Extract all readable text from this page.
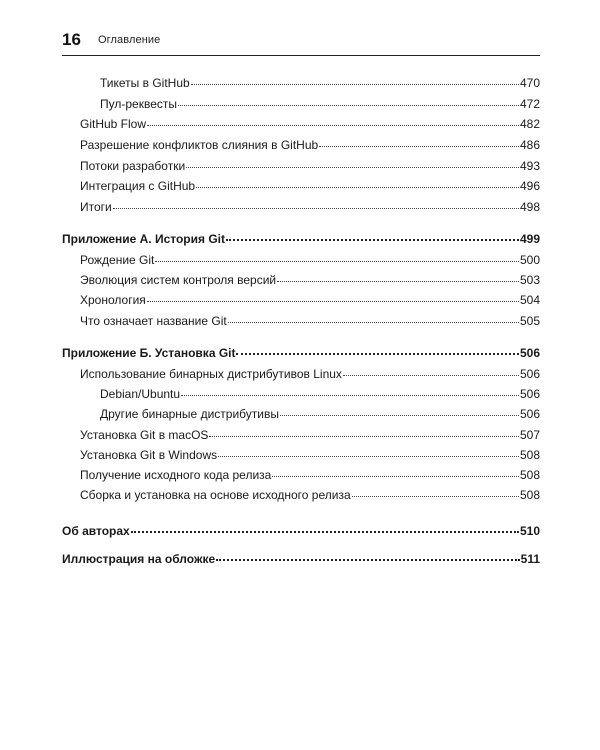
16 Оглавление
Тикеты в GitHub	470
Пул-реквесты	472
GitHub Flow	482
Разрешение конфликтов слияния в GitHub	486
Потоки разработки	493
Интеграция с GitHub	496
Итоги	498
Приложение А. История Git	499
Рождение Git	500
Эволюция систем контроля версий	503
Хронология	504
Что означает название Git	505
Приложение Б. Установка Git	506
Использование бинарных дистрибутивов Linux	506
Debian/Ubuntu	506
Другие бинарные дистрибутивы	506
Установка Git в macOS	507
Установка Git в Windows	508
Получение исходного кода релиза	508
Сборка и установка на основе исходного релиза	508
Об авторах	510
Иллюстрация на обложке	511
